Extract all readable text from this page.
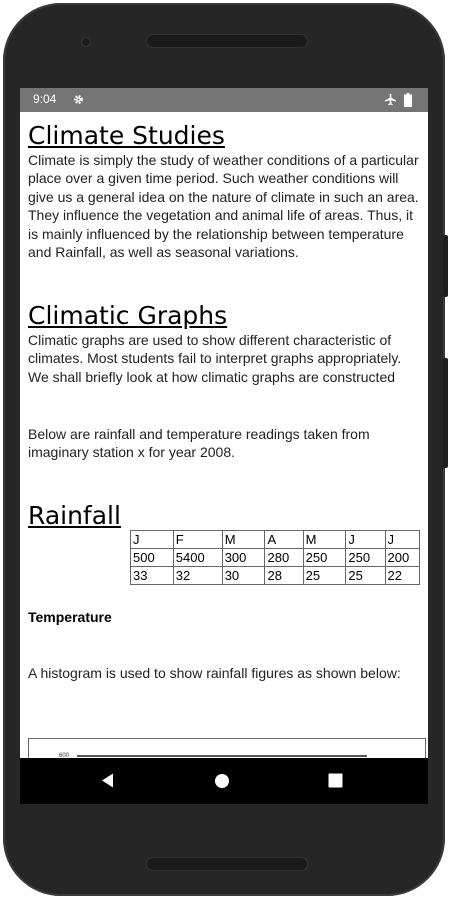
9:04
Climate Studies
Climate is simply the study of weather conditions of a particular place over a given time period. Such weather conditions will give us a general idea on the nature of climate in such an area. They influence the vegetation and animal life of areas. Thus, it is mainly influenced by the relationship between temperature and Rainfall, as well as seasonal variations.
Climatic Graphs
Climatic graphs are used to show different characteristic of climates. Most students fail to interpret graphs appropriately. We shall briefly look at how climatic graphs are constructed
Below are rainfall and temperature readings taken from imaginary station x for year 2008.
Rainfall
J	F	M	A	M	J	J
500	5400	300	280	250	250	200
33	32	30	28	25	25	22
Temperature
A histogram is used to show rainfall figures as shown below:
600
